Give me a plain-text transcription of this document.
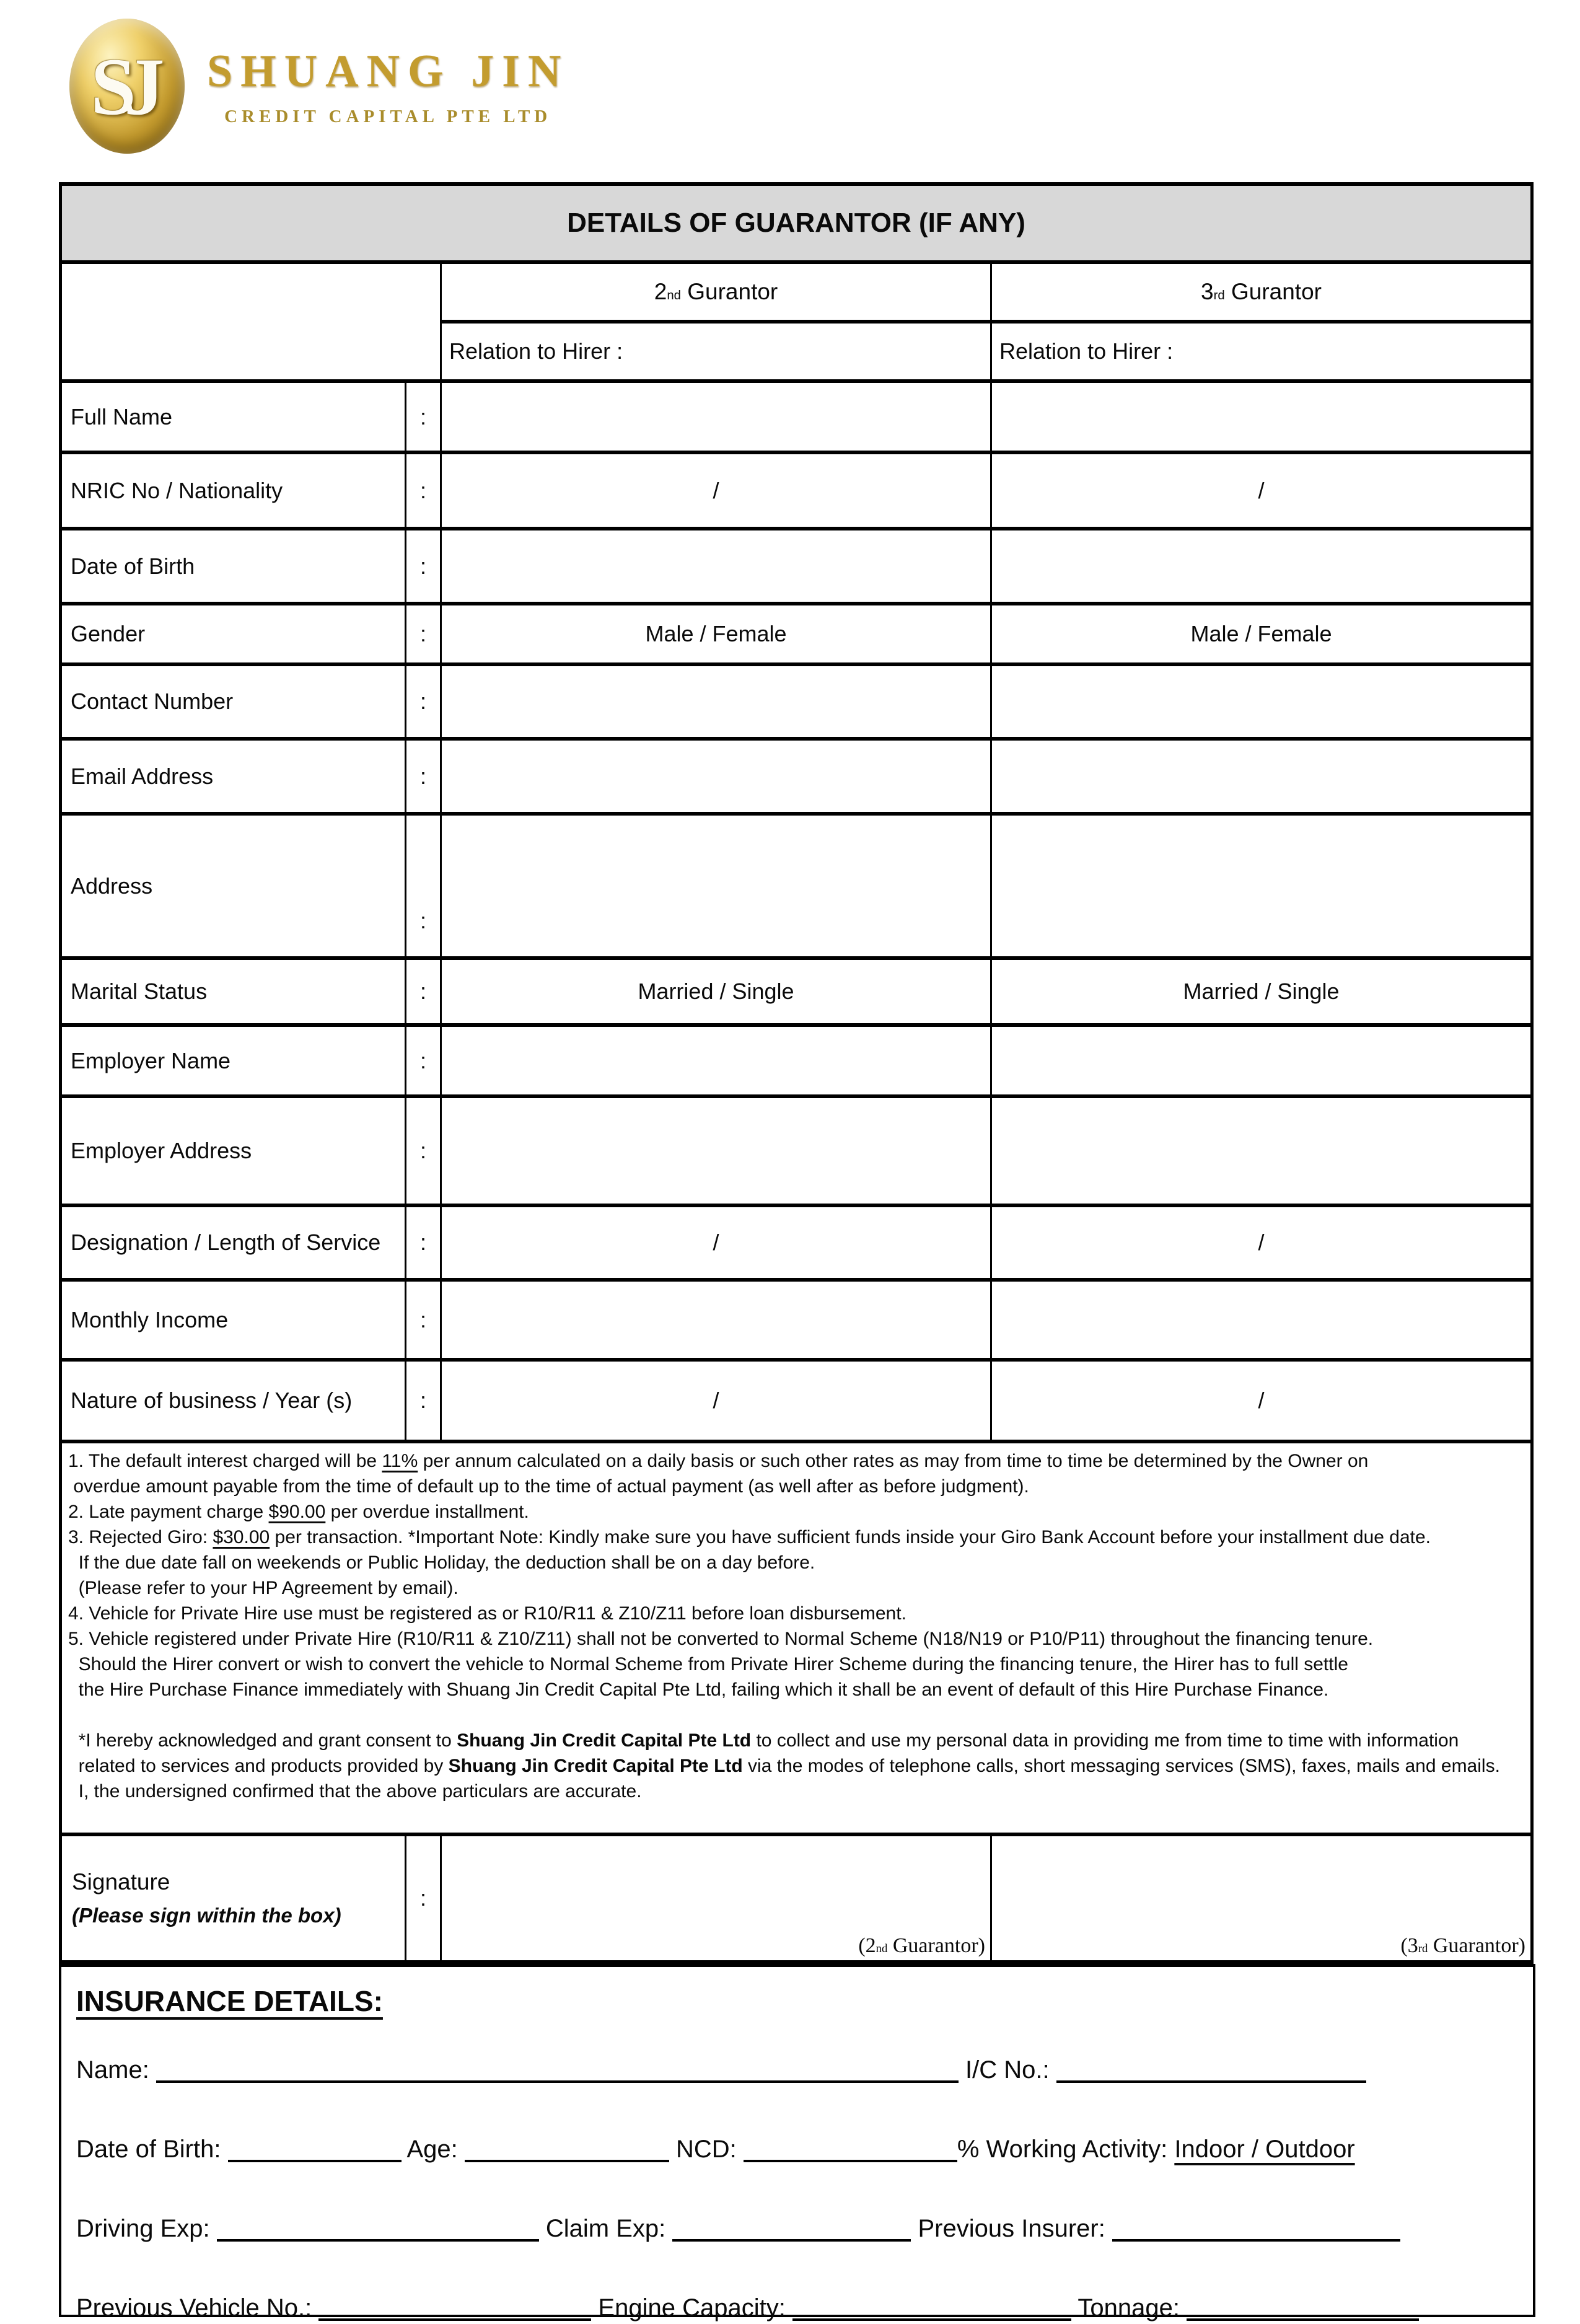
SJ SHUANG JIN
CREDIT CAPITAL PTE LTD
DETAILS OF GUARANTOR (IF ANY)			

		2nd Gurantor	3rd Gurantor

		Relation to Hirer :	Relation to Hirer :
Full Name	:		
NRIC No / Nationality	:	/	/
Date of Birth	:		
Gender	:	Male / Female	Male / Female
Contact Number	:		
Email Address	:		
Address	:		
Marital Status	:	Married / Single	Married / Single
Employer Name	:		
Employer Address	:		
Designation / Length of Service	:	/	/
Monthly Income	:		
Nature of business / Year (s)	:	/	/

1. The default interest charged will be 11% per annum calculated on a daily basis or such other rates as may from time to time be determined by the Owner on
overdue amount payable from the time of default up to the time of actual payment (as well after as before judgment).
2. Late payment charge $90.00 per overdue installment.
3. Rejected Giro: $30.00 per transaction. *Important Note: Kindly make sure you have sufficient funds inside your Giro Bank Account before your installment due date.
If the due date fall on weekends or Public Holiday, the deduction shall be on a day before.
(Please refer to your HP Agreement by email).
4. Vehicle for Private Hire use must be registered as or R10/R11 & Z10/Z11 before loan disbursement.
5. Vehicle registered under Private Hire (R10/R11 & Z10/Z11) shall not be converted to Normal Scheme (N18/N19 or P10/P11) throughout the financing tenure.
Should the Hirer convert or wish to convert the vehicle to Normal Scheme from Private Hirer Scheme during the financing tenure, the Hirer has to full settle
the Hire Purchase Finance immediately with Shuang Jin Credit Capital Pte Ltd, failing which it shall be an event of default of this Hire Purchase Finance.

*I hereby acknowledged and grant consent to Shuang Jin Credit Capital Pte Ltd to collect and use my personal data in providing me from time to time with information
related to services and products provided by Shuang Jin Credit Capital Pte Ltd via the modes of telephone calls, short messaging services (SMS), faxes, mails and emails.
I, the undersigned confirmed that the above particulars are accurate.

Signature
(Please sign within the box)	:	(2nd Guarantor)	(3rd Guarantor)
INSURANCE DETAILS:
Name:	I/C No.:
Date of Birth:	Age:	NCD:	% Working Activity: Indoor / Outdoor
Driving Exp:	Claim Exp:	Previous Insurer:
Previous Vehicle No.:	Engine Capacity:	Tonnage:
